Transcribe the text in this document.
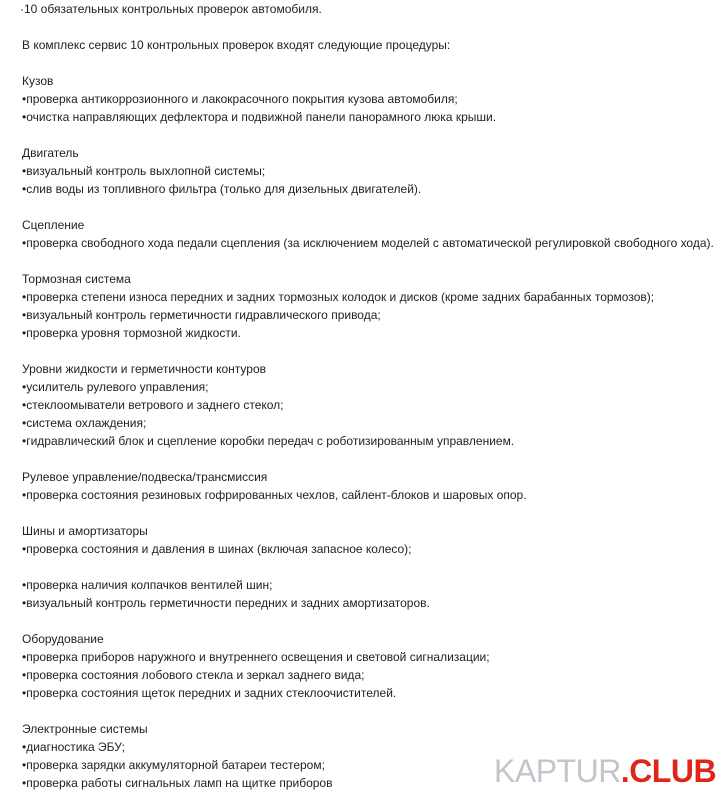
·10 обязательных контрольных проверок автомобиля.
В комплекс сервис 10 контрольных проверок входят следующие процедуры:
Кузов
•проверка антикоррозионного и лакокрасочного покрытия кузова автомобиля;
•очистка направляющих дефлектора и подвижной панели панорамного люка крыши.
Двигатель
•визуальный контроль выхлопной системы;
•слив воды из топливного фильтра (только для дизельных двигателей).
Сцепление
•проверка свободного хода педали сцепления (за исключением моделей с автоматической регулировкой свободного хода).
Тормозная система
•проверка степени износа передних и задних тормозных колодок и дисков (кроме задних барабанных тормозов);
•визуальный контроль герметичности гидравлического привода;
•проверка уровня тормозной жидкости.
Уровни жидкости и герметичности контуров
•усилитель рулевого управления;
•стеклоомыватели ветрового и заднего стекол;
•система охлаждения;
•гидравлический блок и сцепление коробки передач с роботизированным управлением.
Рулевое управление/подвеска/трансмиссия
•проверка состояния резиновых гофрированных чехлов, сайлент-блоков и шаровых опор.
Шины и амортизаторы
•проверка состояния и давления в шинах (включая запасное колесо);
•проверка наличия колпачков вентилей шин;
•визуальный контроль герметичности передних и задних амортизаторов.
Оборудование
•проверка приборов наружного и внутреннего освещения и световой сигнализации;
•проверка состояния лобового стекла и зеркал заднего вида;
•проверка состояния щеток передних и задних стеклоочистителей.
Электронные системы
•диагностика ЭБУ;
•проверка зарядки аккумуляторной батареи тестером;
•проверка работы сигнальных ламп на щитке приборов	KAPTUR.CLUB
